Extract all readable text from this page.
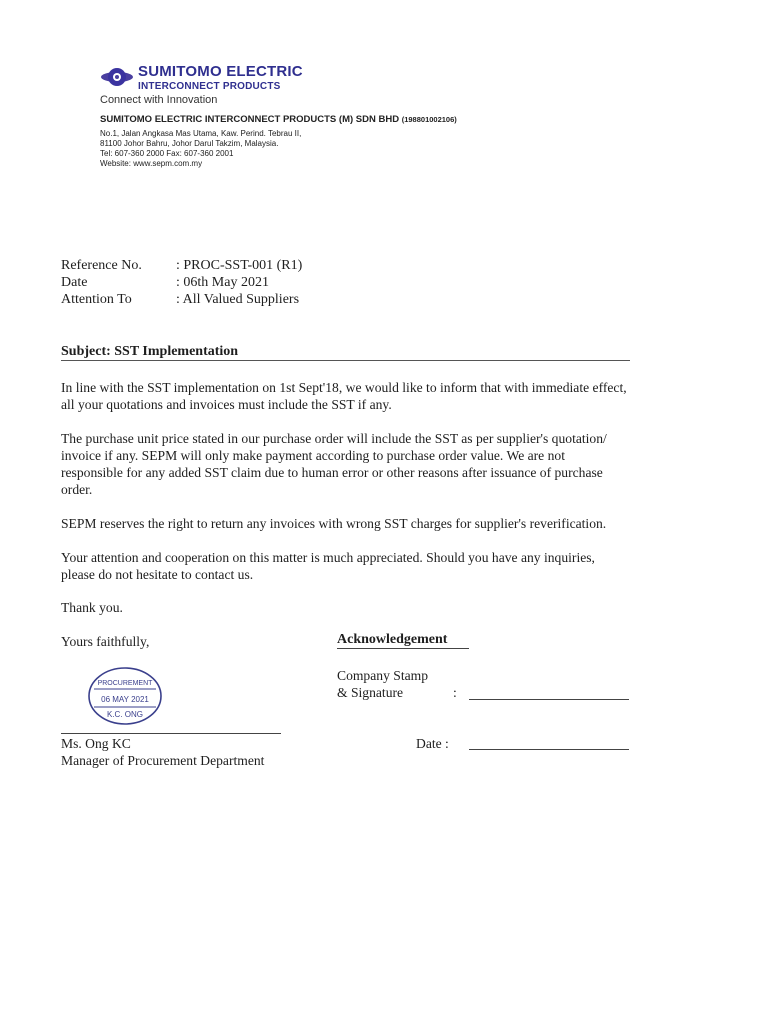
SUMITOMO ELECTRIC
INTERCONNECT PRODUCTS
Connect with Innovation
SUMITOMO ELECTRIC INTERCONNECT PRODUCTS (M) SDN BHD (198801002106)
No.1, Jalan Angkasa Mas Utama, Kaw. Perind. Tebrau II,
81100 Johor Bahru, Johor Darul Takzim, Malaysia.
Tel: 607-360 2000 Fax: 607-360 2001
Website: www.sepm.com.my
Reference No. : PROC-SST-001 (R1)
Date	: 06th May 2021
Attention To	: All Valued Suppliers
Subject: SST Implementation
In line with the SST implementation on 1st Sept'18, we would like to inform that with immediate effect,
all your quotations and invoices must include the SST if any.
The purchase unit price stated in our purchase order will include the SST as per supplier's quotation/
invoice if any. SEPM will only make payment according to purchase order value. We are not
responsible for any added SST claim due to human error or other reasons after issuance of purchase
order.
SEPM reserves the right to return any invoices with wrong SST charges for supplier's reverification.
Your attention and cooperation on this matter is much appreciated. Should you have any inquiries,
please do not hesitate to contact us.
Thank you.
Yours faithfully,
PROCUREMENT
06 MAY 2021
K.C. ONG
Ms. Ong KC
Manager of Procurement Department
Acknowledgement
Company Stamp
& Signature	:
Date :
